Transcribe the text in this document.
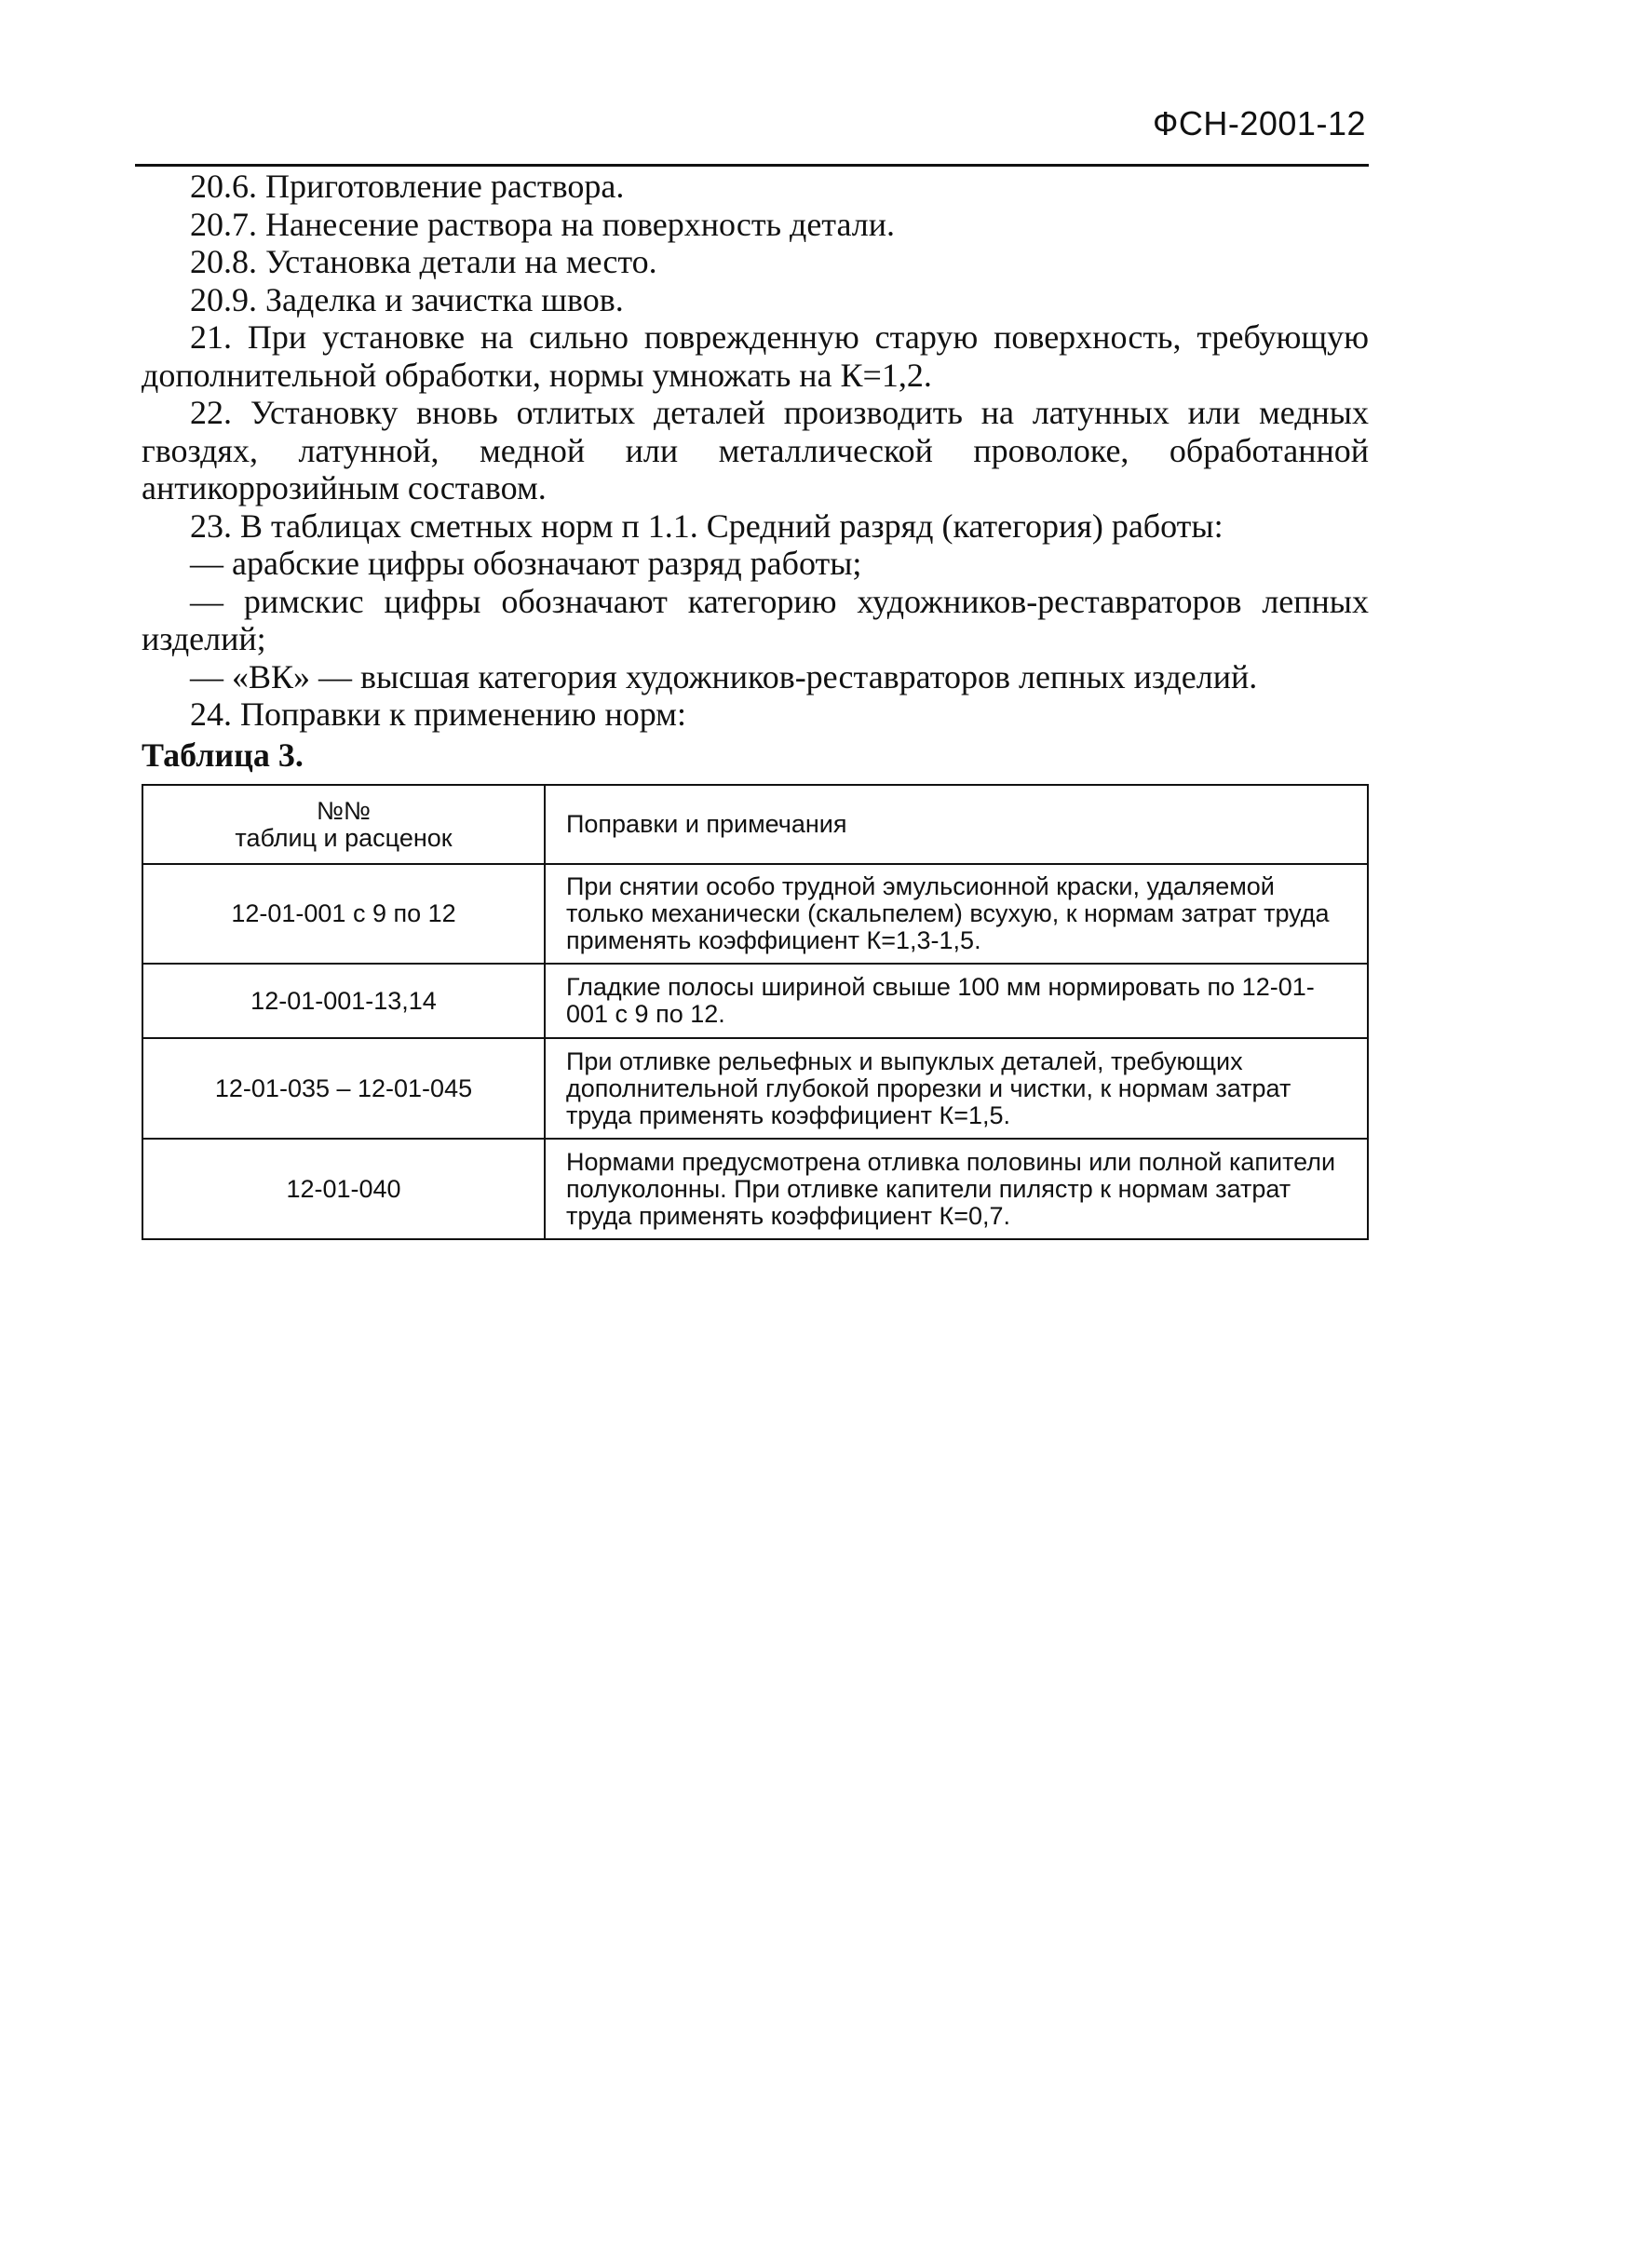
ФСН-2001-12

20.6. Приготовление раствора.

20.7. Нанесение раствора на поверхность детали.

20.8. Установка детали на место.

20.9. Заделка и зачистка швов.

21. При установке на сильно поврежденную старую поверхность, требующую дополнительной обработки, нормы умножать на К=1,2.

22. Установку вновь отлитых деталей производить на латунных или медных гвоздях, латунной, медной или металлической проволоке, обработанной антикоррозийным составом.

23. В таблицах сметных норм п 1.1. Средний разряд (категория) работы:

— арабские цифры обозначают разряд работы;

— римскис цифры обозначают категорию художников-реставраторов лепных изделий;

— «ВК» — высшая категория художников-реставраторов лепных изделий.

24. Поправки к применению норм:

Таблица 3.
№№
таблиц и расценок	Поправки и примечания
12-01-001 с 9 по 12	При снятии особо трудной эмульсионной краски, удаляемой только механически (скальпелем) всухую, к нормам затрат труда применять коэффициент К=1,3-1,5.
12-01-001-13,14	Гладкие полосы шириной свыше 100 мм нормировать по 12-01-001 с 9 по 12.
12-01-035 – 12-01-045	При отливке рельефных и выпуклых деталей, требующих дополнительной глубокой прорезки и чистки, к нормам затрат труда применять коэффициент К=1,5.
12-01-040	Нормами предусмотрена отливка половины или полной капители полуколонны. При отливке капители пилястр к нормам затрат труда применять коэффициент К=0,7.
